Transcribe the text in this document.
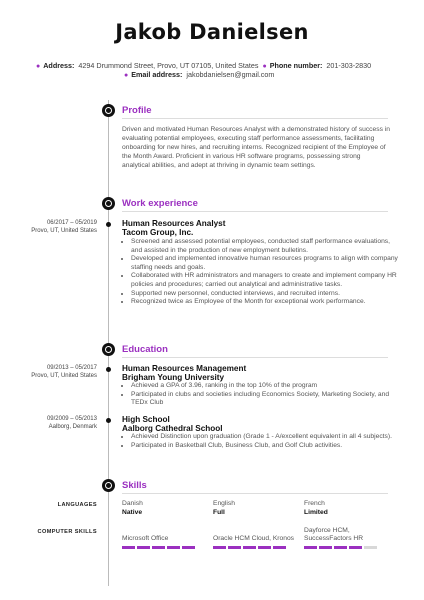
Jakob Danielsen
● Address: 4294 Drummond Street, Provo, UT 07105, United States ● Phone number: 201-303-2830
● Email address: jakobdanielsen@gmail.com
Profile
Driven and motivated Human Resources Analyst with a demonstrated history of success in evaluating potential employees, executing staff performance assessments, facilitating onboarding for new hires, and recruiting interns. Recognized recipient of the Employee of the Month Award. Proficient in various HR software programs, possessing strong analytical abilities, and adept at thriving in dynamic team settings.
Work experience
06/2017 – 05/2019
Provo, UT, United States
Human Resources Analyst
Tacom Group, Inc.
• Screened and assessed potential employees, conducted staff performance evaluations, and assisted in the production of new employment bulletins.
• Developed and implemented innovative human resources programs to align with company staffing needs and goals.
• Collaborated with HR administrators and managers to create and implement company HR policies and procedures; carried out analytical and administrative tasks.
• Supported new personnel, conducted interviews, and recruited interns.
• Recognized twice as Employee of the Month for exceptional work performance.
Education
09/2013 – 05/2017
Provo, UT, United States
Human Resources Management
Brigham Young University
• Achieved a GPA of 3.96, ranking in the top 10% of the program
• Participated in clubs and societies including Economics Society, Marketing Society, and TEDx Club
09/2009 – 05/2013
Aalborg, Denmark
High School
Aalborg Cathedral School
• Achieved Distinction upon graduation (Grade 1 - A/excellent equivalent in all 4 subjects).
• Participated in Basketball Club, Business Club, and Golf Club activities.
Skills
LANGUAGES	Danish
Native
English
Full
French
Limited
COMPUTER SKILLS
Microsoft Office	Oracle HCM Cloud, Kronos
Dayforce HCM, SuccessFactors HR
